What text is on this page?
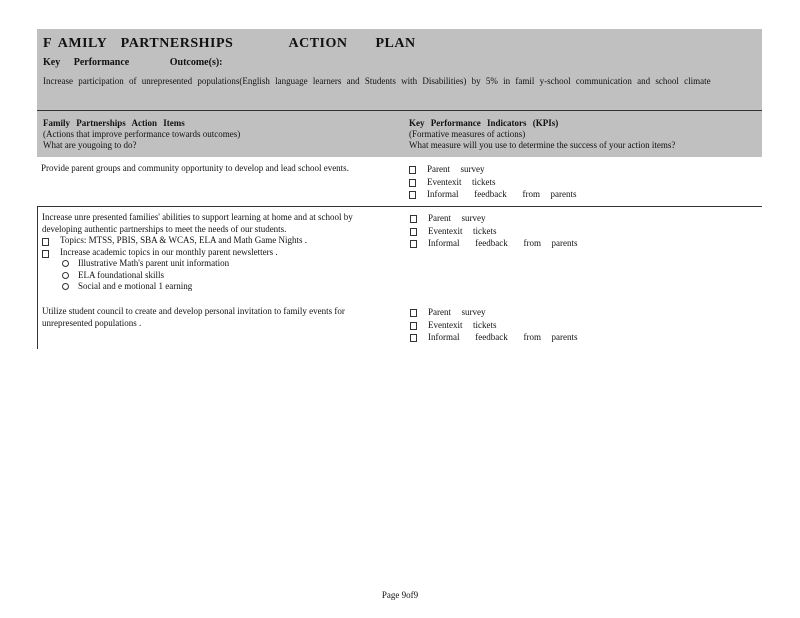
F AMILY  PARTNERSHIPS        ACTION    PLAN
Key   Performance         Outcome(s):
Increase participation of unrepresented populations(English language learners and Students with Disabilities) by 5% in famil y-school communication and school climate
Family Partnerships Action Items
(Actions that improve performance towards outcomes)
What are yougoing to do?
Key Performance Indicators (KPIs)
(Formative measures of actions)
What measure will you use to determine the success of your action items?
Provide parent groups and community opportunity to develop and lead school events.	Parent  survey
Eventexit  tickets
Informal   feedback   from  parents
Increase unre presented families' abilities to support learning at home and at school by developing authentic partnerships to meet the needs of our students.
Topics: MTSS, PBIS, SBA & WCAS, ELA and Math Game Nights .
Increase academic topics in our monthly parent newsletters .
Illustrative Math's parent unit information
ELA foundational skills
Social and e motional 1 earning
Parent  survey
Eventexit  tickets
Informal   feedback   from  parents
Utilize student council to create and develop personal invitation to family events for unrepresented populations .
Parent  survey
Eventexit  tickets
Informal   feedback   from  parents
Page 9of9
